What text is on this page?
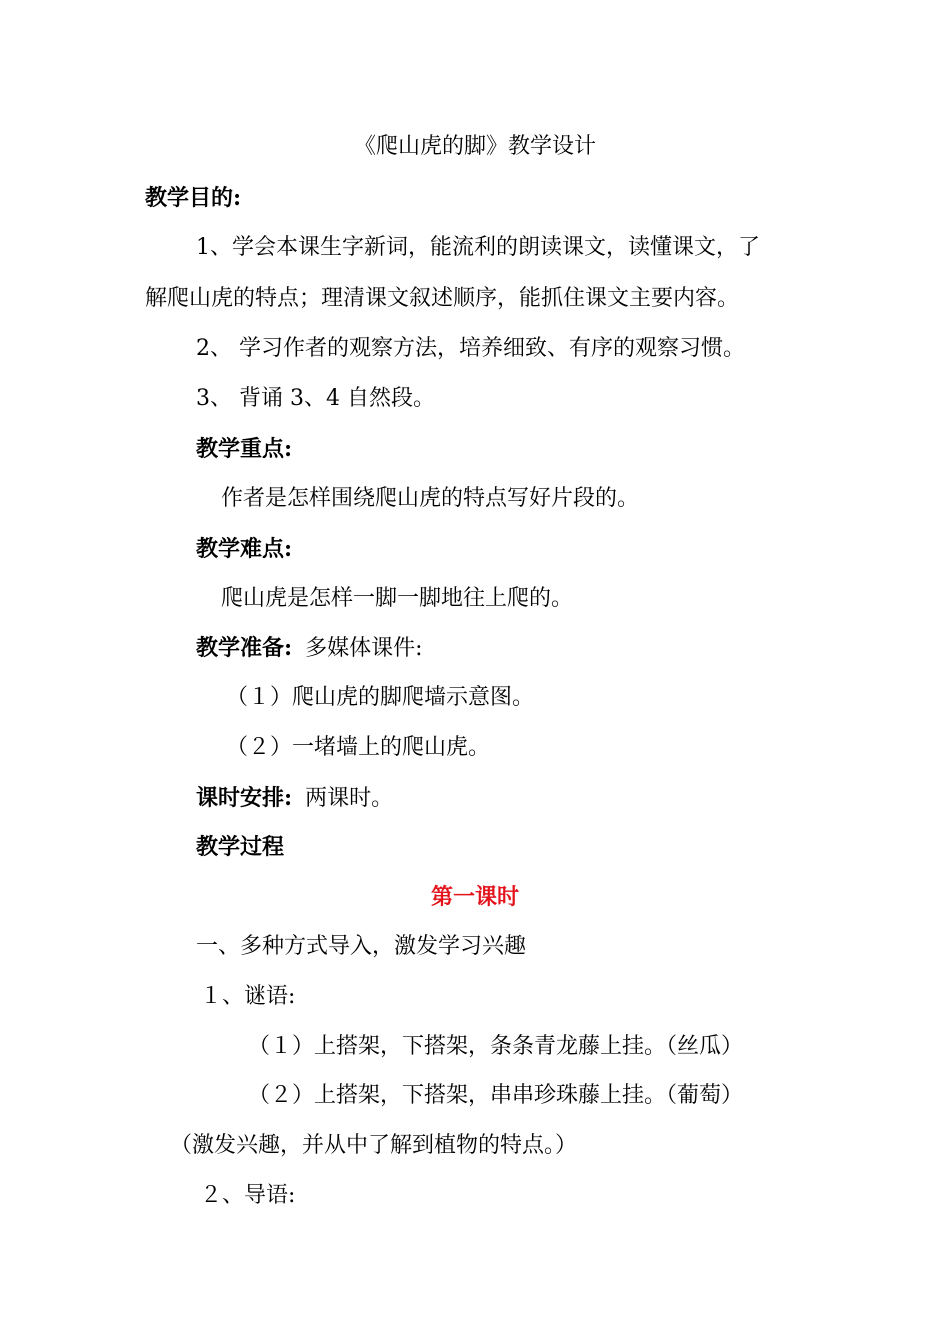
《爬山虎的脚》教学设计
教学目的:
1、学会本课生字新词，能流利的朗读课文，读懂课文，了
解爬山虎的特点；理清课文叙述顺序，能抓住课文主要内容。
2、 学习作者的观察方法，培养细致、有序的观察习惯。
3、 背诵 3、4 自然段。
教学重点:
作者是怎样围绕爬山虎的特点写好片段的。
教学难点:
爬山虎是怎样一脚一脚地往上爬的。
教学准备: 多媒体课件:
（１）爬山虎的脚爬墙示意图。
（２）一堵墙上的爬山虎。
课时安排: 两课时。
教学过程
第一课时
一、多种方式导入，激发学习兴趣
１、谜语:
（１）上搭架，下搭架，条条青龙藤上挂。（丝瓜）
（２）上搭架，下搭架，串串珍珠藤上挂。（葡萄）
（激发兴趣，并从中了解到植物的特点。）
２、导语:
